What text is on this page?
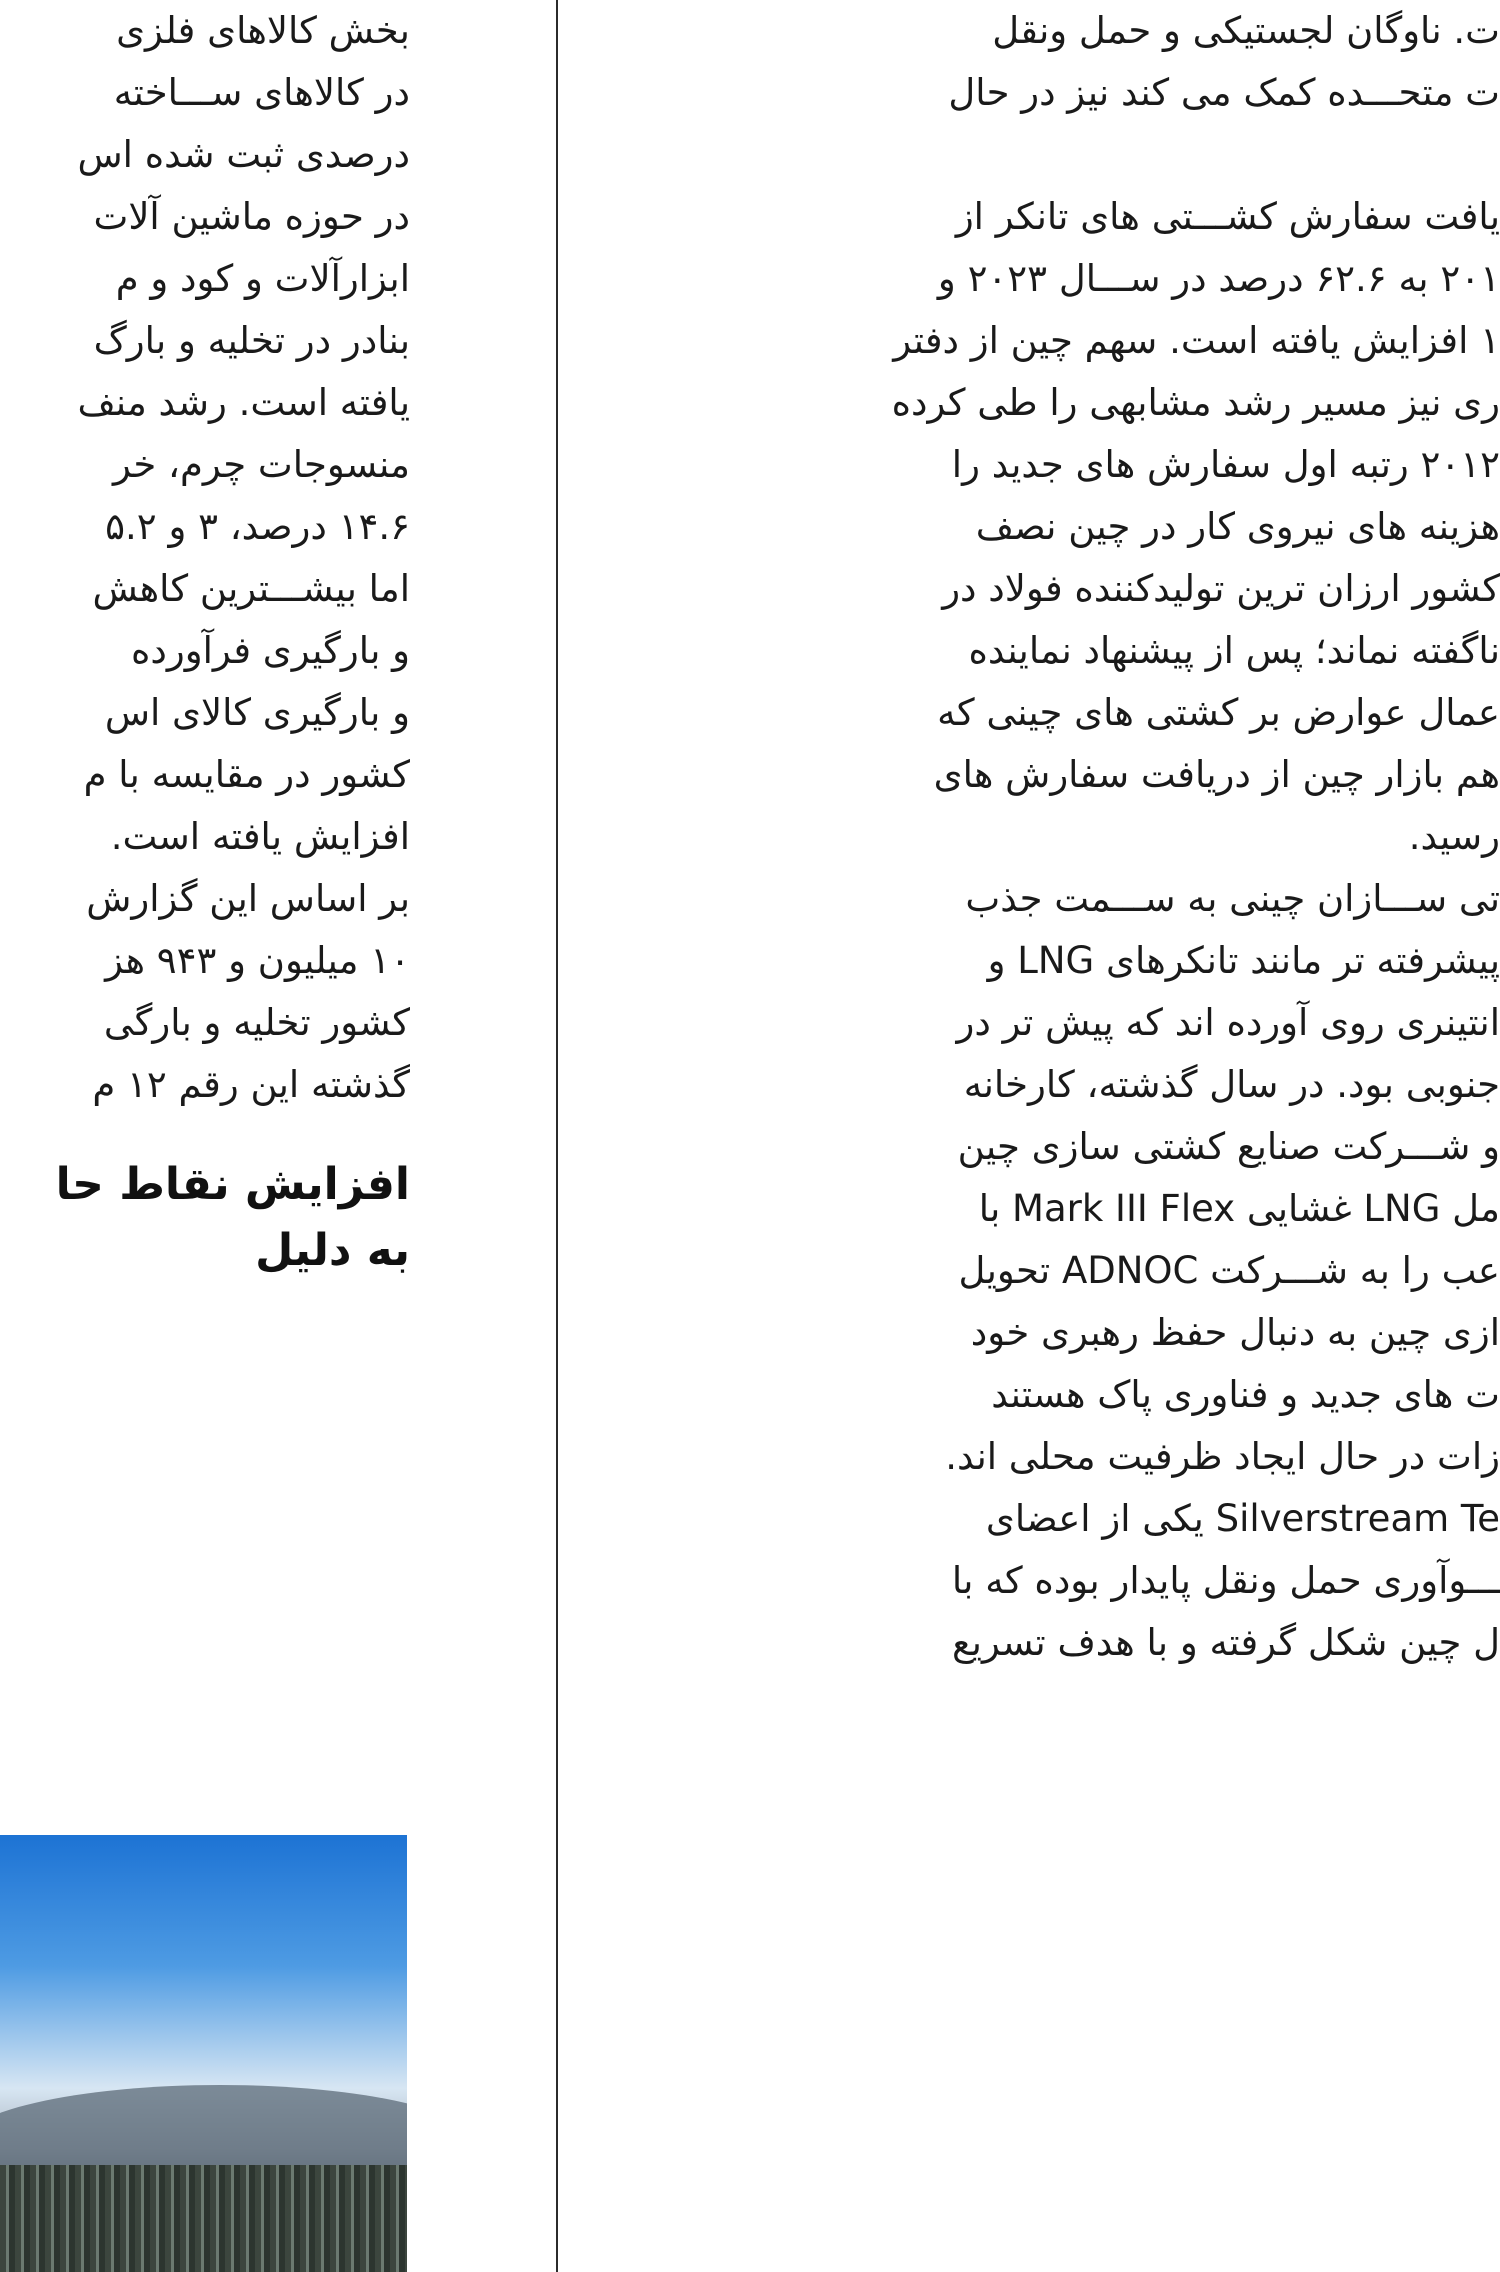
ت. ناوگان لجستیکی و حمل ونقل
ت متحـــده کمک می کند نیز در حال
یافت سفارش کشـــتی های تانکر از
۲۰۱ به ۶۲.۶ درصد در ســـال ۲۰۲۳ و
۱ افزایش یافته است. سهم چین از دفتر
ری نیز مسیر رشد مشابهی را طی کرده
۲۰۱۲ رتبه اول سفارش های جدید را
هزینه های نیروی کار در چین نصف
کشور ارزان ترین تولیدکننده فولاد در
ناگفته نماند؛ پس از پیشنهاد نماینده
عمال عوارض بر کشتی های چینی که
هم بازار چین از دریافت سفارش های
رسید.
تی ســـازان چینی به ســـمت جذب
پیشرفته تر مانند تانکرهای LNG و
انتینری روی آورده اند که پیش تر در
جنوبی بود. در سال گذشته، کارخانه
و شـــرکت صنایع کشتی سازی چین
مل LNG غشایی Mark III Flex با
عب را به شـــرکت ADNOC تحویل
ازی چین به دنبال حفظ رهبری خود
ت های جدید و فناوری پاک هستند
زات در حال ایجاد ظرفیت محلی اند.
Silverstream Te یکی از اعضای
ـــوآوری حمل ونقل پایدار بوده که با
ل چین شکل گرفته و با هدف تسریع
بخش کالاهای فلزی
در کالاهای ســـاخته
درصدی ثبت شده اس
در حوزه ماشین آلات
ابزارآلات و کود و م
بنادر در تخلیه و بارگ
یافته است. رشد منف
منسوجات چرم، خر
۱۴.۶ درصد، ۳ و ۵.۲
اما بیشـــترین کاهش
و بارگیری فرآورده
و بارگیری کالای اس
کشور در مقایسه با م
افزایش یافته است.
بر اساس این گزارش
۱۰ میلیون و ۹۴۳ هز
کشور تخلیه و بارگی
گذشته این رقم ۱۲ م
افزایش نقاط حا
به دلیل
